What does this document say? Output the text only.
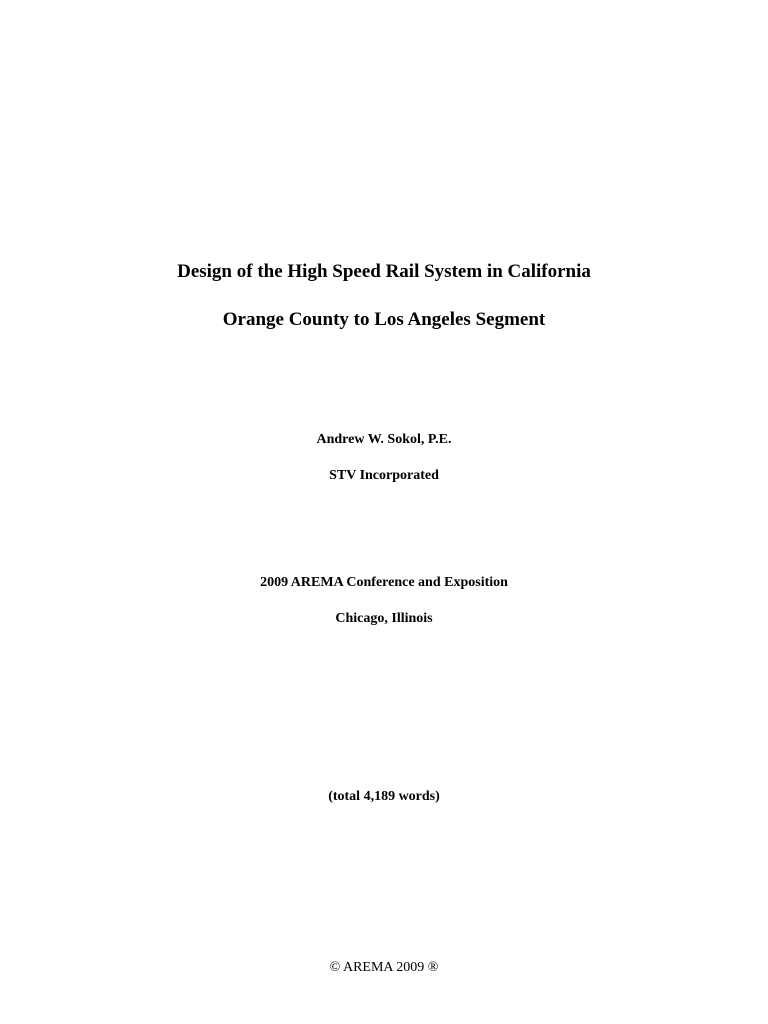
Design of the High Speed Rail System in California
Orange County to Los Angeles Segment
Andrew W. Sokol, P.E.
STV Incorporated
2009 AREMA Conference and Exposition
Chicago, Illinois
(total 4,189 words)
© AREMA 2009 ®
